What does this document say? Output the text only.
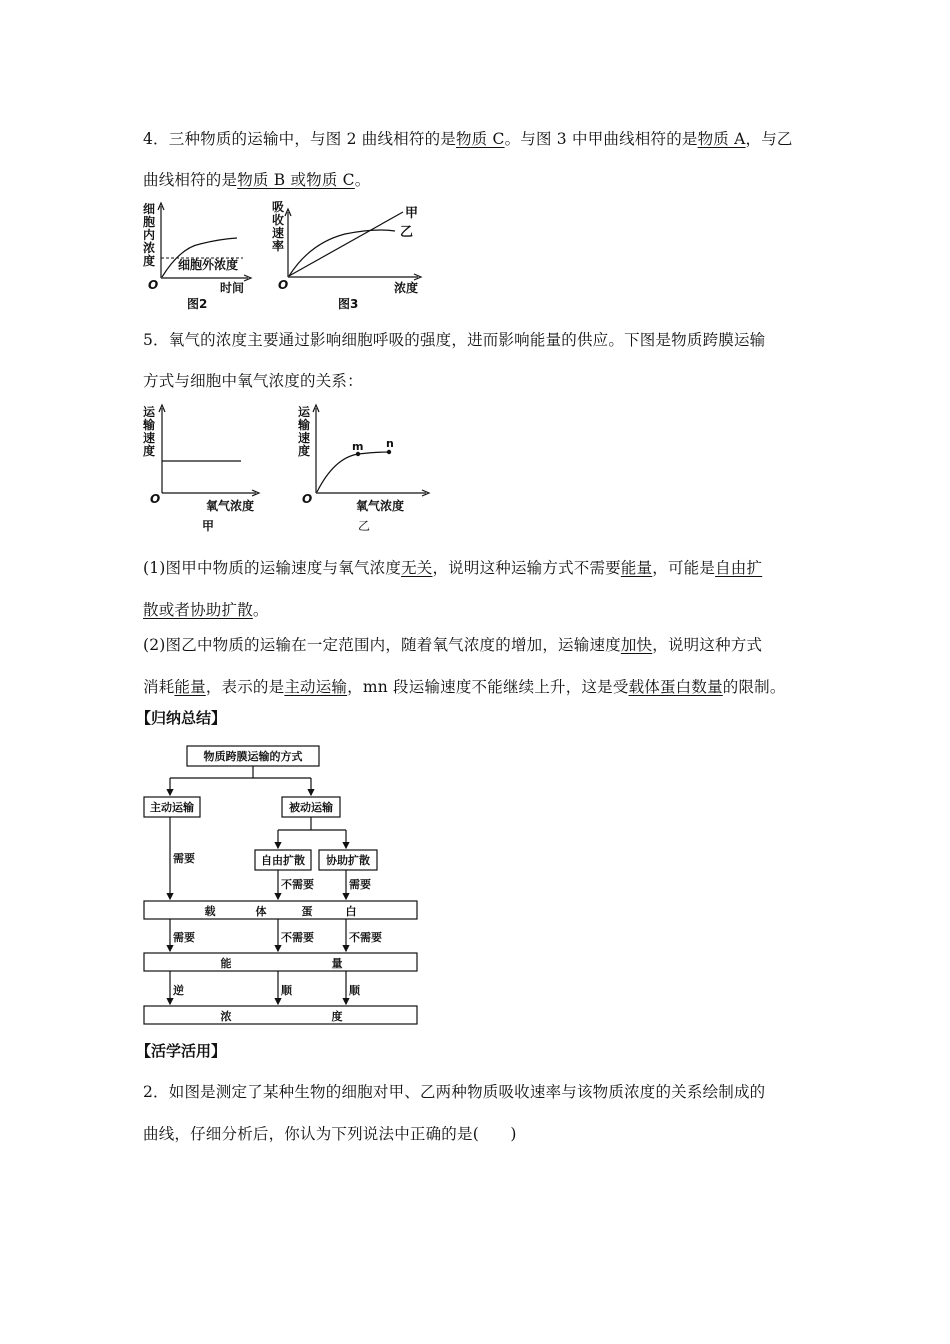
4．三种物质的运输中，与图 2 曲线相符的是物质 C。与图 3 中甲曲线相符的是物质 A，与乙
曲线相符的是物质 B 或物质 C。
细
胞
内
浓
度 细胞外浓度
O	时间
图2
吸
收
速
率
甲
乙
O	浓度
图3
5．氧气的浓度主要通过影响细胞呼吸的强度，进而影响能量的供应。下图是物质跨膜运输
方式与细胞中氧气浓度的关系：
运
输
速
度
O	氧气浓度
甲
运
输
速
度	m n
O	氧气浓度
乙
(1)图甲中物质的运输速度与氧气浓度无关，说明这种运输方式不需要能量，可能是自由扩
散或者协助扩散。
(2)图乙中物质的运输在一定范围内，随着氧气浓度的增加，运输速度加快，说明这种方式
消耗能量，表示的是主动运输，mn 段运输速度不能继续上升，这是受载体蛋白数量的限制。
【归纳总结】
物质跨膜运输的方式
主动运输	被动运输
自由扩散 协助扩散
需要
不需要	需要
载	体	蛋	白
需要	不需要	不需要
能	量
逆	顺	顺
浓	度
【活学活用】
2．如图是测定了某种生物的细胞对甲、乙两种物质吸收速率与该物质浓度的关系绘制成的
曲线，仔细分析后，你认为下列说法中正确的是(　　)
